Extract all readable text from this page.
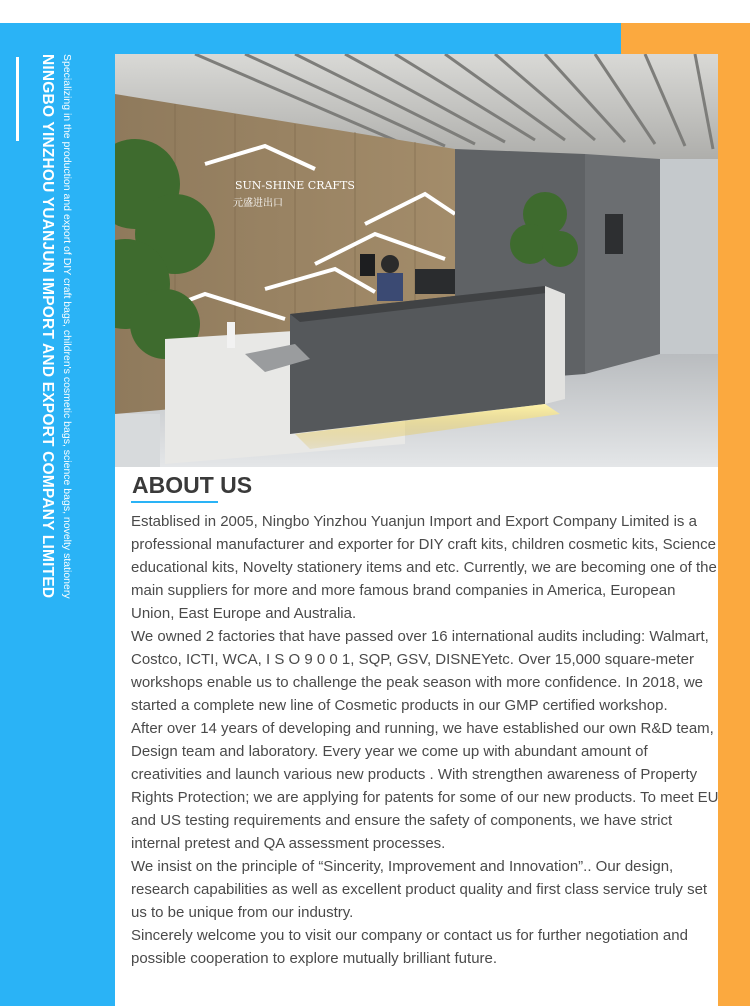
NINGBO YINZHOU YUANJUN IMPORT AND EXPORT COMPANY LIMITED Specializing in the production and export of DIY craft bags, children's cosmetic bags, science bags, novelty stationery	SUN-SHINE CRAFTS
元盛进出口
ABOUT US

Establised in 2005, Ningbo Yinzhou Yuanjun Import and Export Company Limited is a professional manufacturer and exporter for DIY craft kits, children cosmetic kits, Science educational kits, Novelty stationery items and etc. Currently, we are becoming one of the main suppliers for more and more famous brand companies in America, European Union, East Europe and Australia.

We owned 2 factories that have passed over 16 international audits including: Walmart, Costco, ICTI, WCA, I S O 9 0 0 1, SQP, GSV, DISNEYetc. Over 15,000 square-meter workshops enable us to challenge the peak season with more confidence. In 2018, we started a complete new line of Cosmetic products in our GMP certified workshop.

After over 14 years of developing and running, we have established our own R&D team, Design team and laboratory. Every year we come up with abundant amount of creativities and launch various new products . With strengthen awareness of Property Rights Protection; we are applying for patents for some of our new products. To meet EU and US testing requirements and ensure the safety of components, we have strict internal pretest and QA assessment processes.

We insist on the principle of “Sincerity, Improvement and Innovation”.. Our design, research capabilities as well as excellent product quality and first class service truly set us to be unique from our industry.

Sincerely welcome you to visit our company or contact us for further negotiation and possible cooperation to explore mutually brilliant future.
